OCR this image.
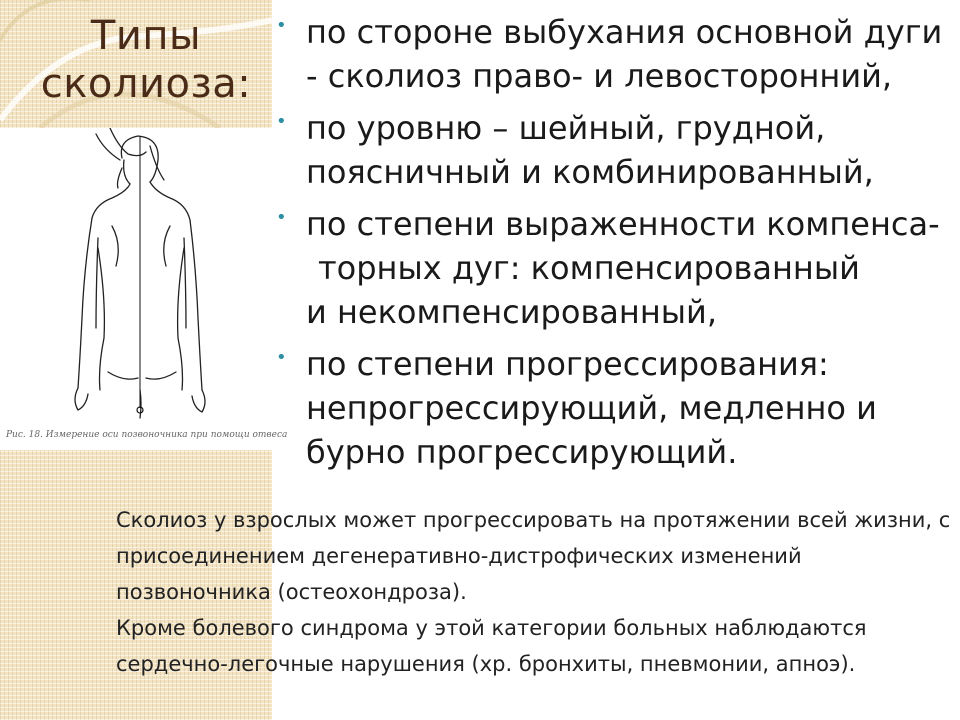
Типы
сколиоза:
Рис. 18. Измерение оси позвоночника при помощи отвеса
• по стороне выбухания основной дуги - сколиоз право- и левосторонний,
• по уровню – шейный, грудной, поясничный и комбинированный,
• по степени выраженности компенса-
торных дуг: компенсированный
и некомпенсированный,
• по степени прогрессирования: непрогрессирующий, медленно и бурно прогрессирующий.

Сколиоз у взрослых может прогрессировать на протяжении всей жизни, с присоединением дегенеративно-дистрофических изменений позвоночника (остеохондроза).

Кроме болевого синдрома у этой категории больных наблюдаются сердечно-легочные нарушения (хр. бронхиты, пневмонии, апноэ).
